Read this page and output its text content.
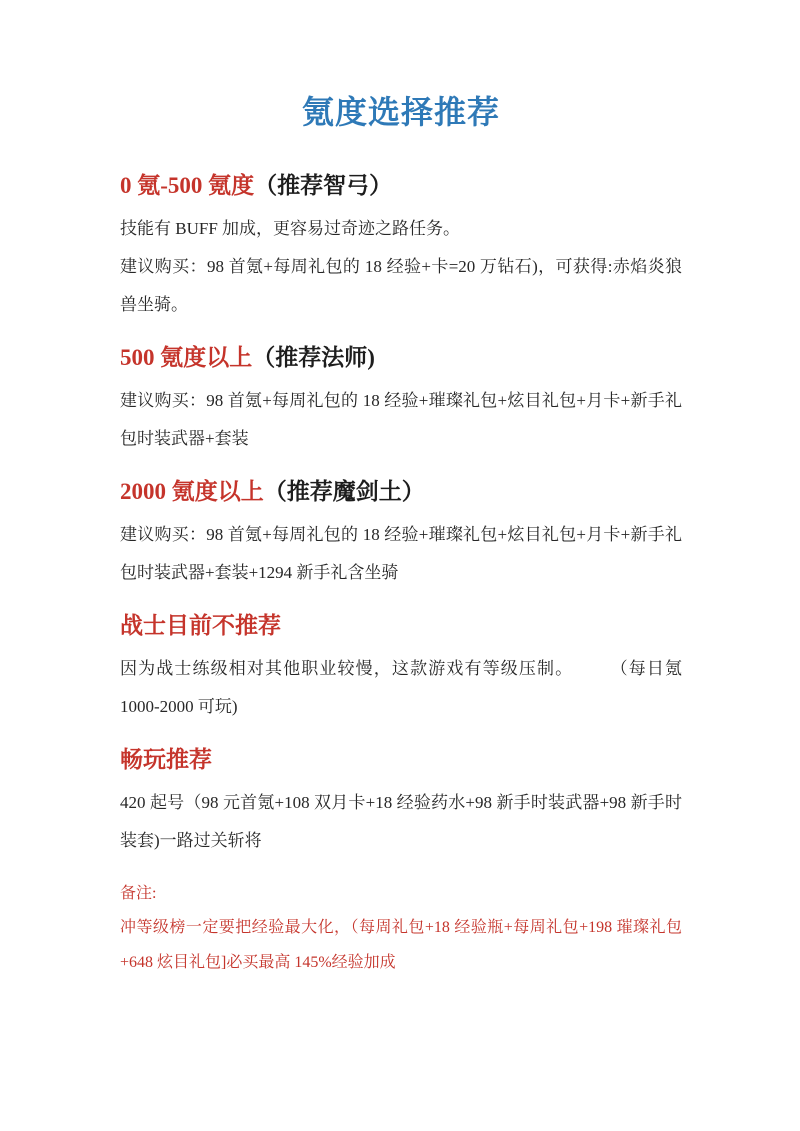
氪度选择推荐
0 氪-500 氪度（推荐智弓）

技能有 BUFF 加成，更容易过奇迹之路任务。

建议购买：98 首氪+每周礼包的 18 经验+卡=20 万钻石)，可获得:赤焰炎狼兽坐骑。

500 氪度以上（推荐法师)

建议购买：98 首氪+每周礼包的 18 经验+璀璨礼包+炫目礼包+月卡+新手礼包时装武器+套装

2000 氪度以上（推荐魔剑土）

建议购买：98 首氪+每周礼包的 18 经验+璀璨礼包+炫目礼包+月卡+新手礼包时装武器+套装+1294 新手礼含坐骑

战士目前不推荐

因为战士练级相对其他职业较慢，这款游戏有等级压制。　　　（每日氪 1000-2000 可玩)

畅玩推荐

420 起号（98 元首氪+108 双月卡+18 经验药水+98 新手时装武器+98 新手时装套)一路过关斩将

备注:

冲等级榜一定要把经验最大化，（每周礼包+18 经验瓶+每周礼包+198 璀璨礼包+648 炫目礼包]必买最高 145%经验加成
